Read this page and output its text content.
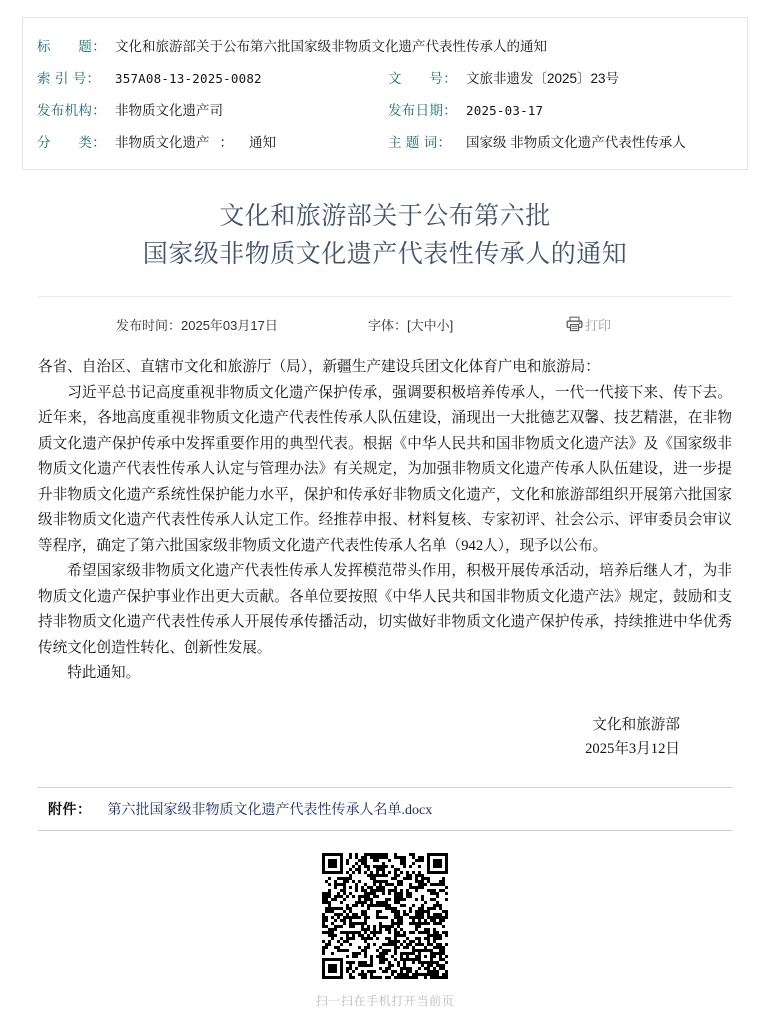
标　　题： 文化和旅游部关于公布第六批国家级非物质文化遗产代表性传承人的通知
索 引 号：	357A08-13-2025-0082	文　　号： 文旅非遗发〔2025〕23号
发布机构： 非物质文化遗产司	发布日期： 2025-03-17
分　　类： 非物质文化遗产 ： 通知	主 题 词：	国家级 非物质文化遗产代表性传承人
文化和旅游部关于公布第六批
国家级非物质文化遗产代表性传承人的通知
发布时间：2025年03月17日	字体：[大中小]	打印

各省、自治区、直辖市文化和旅游厅（局），新疆生产建设兵团文化体育广电和旅游局：

习近平总书记高度重视非物质文化遗产保护传承，强调要积极培养传承人，一代一代接下来、传下去。近年来，各地高度重视非物质文化遗产代表性传承人队伍建设，涌现出一大批德艺双馨、技艺精湛，在非物质文化遗产保护传承中发挥重要作用的典型代表。根据《中华人民共和国非物质文化遗产法》及《国家级非物质文化遗产代表性传承人认定与管理办法》有关规定，为加强非物质文化遗产传承人队伍建设，进一步提升非物质文化遗产系统性保护能力水平，保护和传承好非物质文化遗产，文化和旅游部组织开展第六批国家级非物质文化遗产代表性传承人认定工作。经推荐申报、材料复核、专家初评、社会公示、评审委员会审议等程序，确定了第六批国家级非物质文化遗产代表性传承人名单（942人），现予以公布。

希望国家级非物质文化遗产代表性传承人发挥模范带头作用，积极开展传承活动，培养后继人才，为非物质文化遗产保护事业作出更大贡献。各单位要按照《中华人民共和国非物质文化遗产法》规定，鼓励和支持非物质文化遗产代表性传承人开展传承传播活动，切实做好非物质文化遗产保护传承，持续推进中华优秀传统文化创造性转化、创新性发展。

特此通知。

文化和旅游部
2025年3月12日
附件： 第六批国家级非物质文化遗产代表性传承人名单.docx
扫一扫在手机打开当前页
